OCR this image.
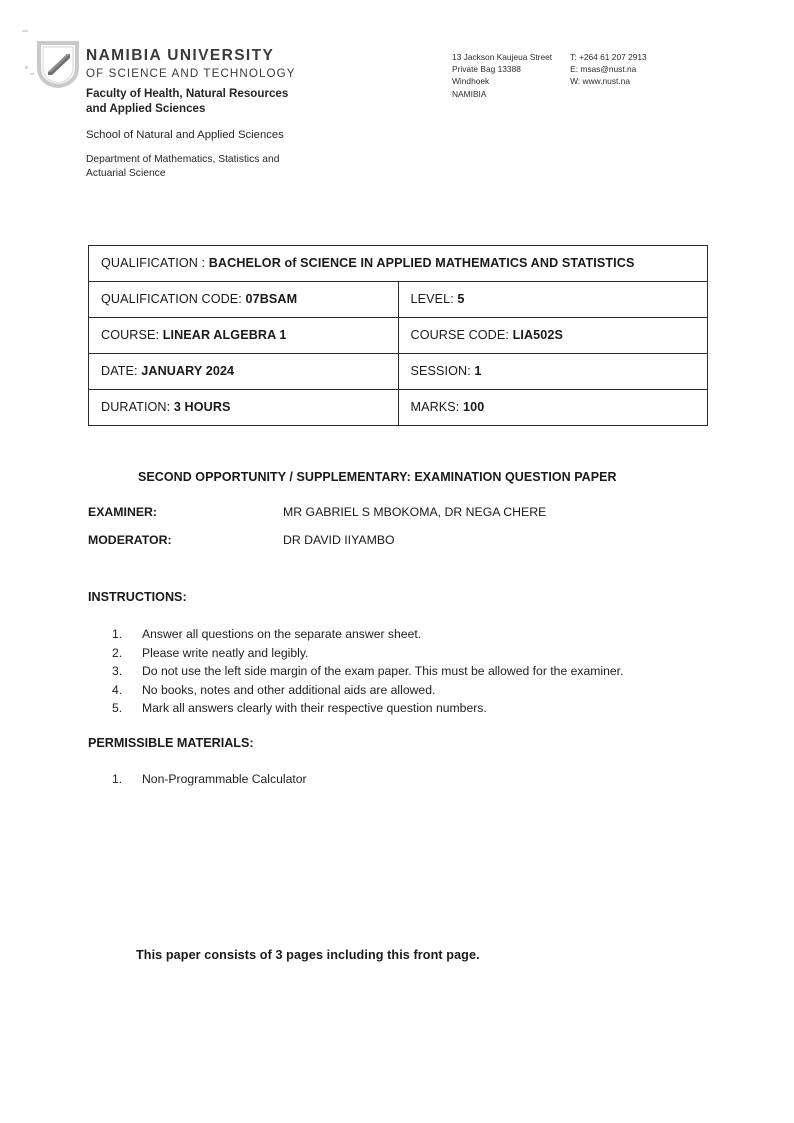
NAMIBIA UNIVERSITY
OF SCIENCE AND TECHNOLOGY
Faculty of Health, Natural Resources and Applied Sciences
School of Natural and Applied Sciences
Department of Mathematics, Statistics and Actuarial Science
13 Jackson Kaujeua Street
Private Bag 13388
Windhoek
NAMIBIA
T: +264 61 207 2913
E: msas@nust.na
W: www.nust.na
QUALIFICATION : BACHELOR of SCIENCE IN APPLIED MATHEMATICS AND STATISTICS	
QUALIFICATION CODE: 07BSAM	LEVEL: 5
COURSE: LINEAR ALGEBRA 1	COURSE CODE: LIA502S
DATE: JANUARY 2024	SESSION: 1
DURATION: 3 HOURS	MARKS: 100
SECOND OPPORTUNITY / SUPPLEMENTARY: EXAMINATION QUESTION PAPER
EXAMINER:	MR GABRIEL S MBOKOMA, DR NEGA CHERE
MODERATOR:	DR DAVID IIYAMBO
INSTRUCTIONS:
1.	Answer all questions on the separate answer sheet.
2.	Please write neatly and legibly.
3.	Do not use the left side margin of the exam paper. This must be allowed for the examiner.
4.	No books, notes and other additional aids are allowed.
5.	Mark all answers clearly with their respective question numbers.
PERMISSIBLE MATERIALS:
1.	Non-Programmable Calculator
This paper consists of 3 pages including this front page.
